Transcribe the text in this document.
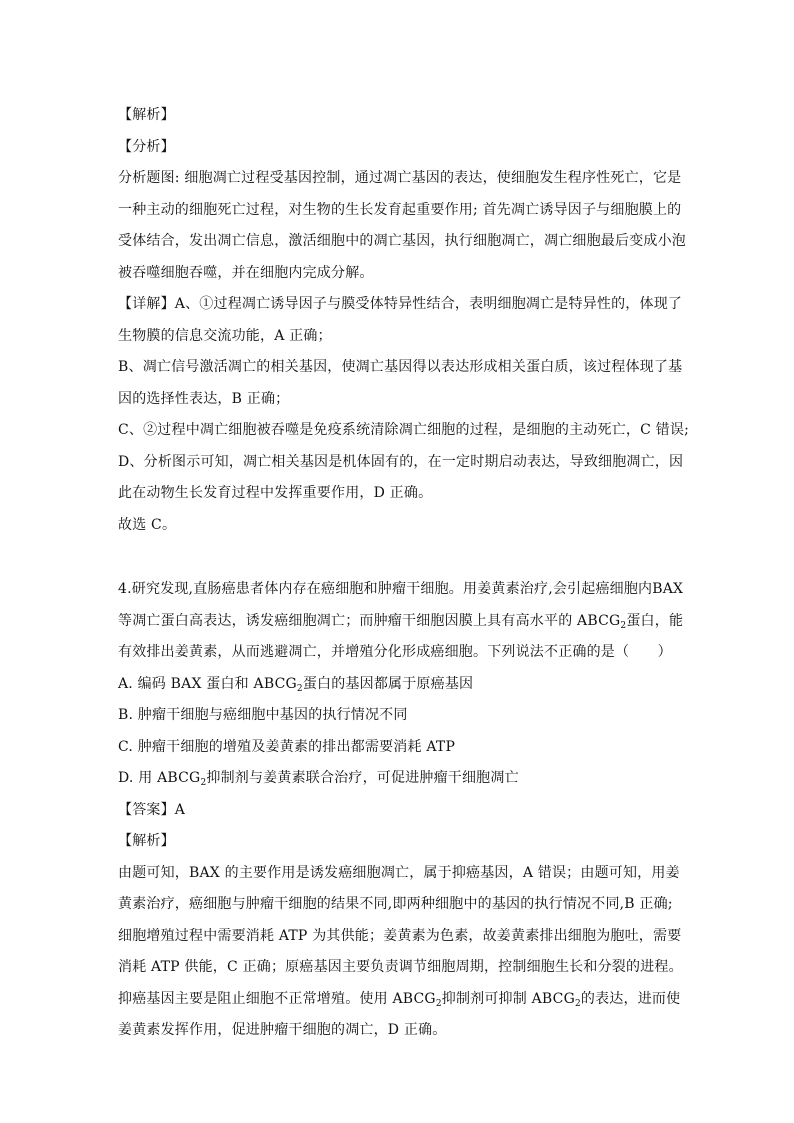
【解析】
【分析】
分析题图: 细胞凋亡过程受基因控制，通过凋亡基因的表达，使细胞发生程序性死亡，它是
一种主动的细胞死亡过程，对生物的生长发育起重要作用; 首先凋亡诱导因子与细胞膜上的
受体结合，发出凋亡信息，激活细胞中的凋亡基因，执行细胞凋亡，凋亡细胞最后变成小泡
被吞噬细胞吞噬，并在细胞内完成分解。
【详解】A、①过程凋亡诱导因子与膜受体特异性结合，表明细胞凋亡是特异性的，体现了
生物膜的信息交流功能，A 正确；
B、凋亡信号激活凋亡的相关基因，使凋亡基因得以表达形成相关蛋白质，该过程体现了基
因的选择性表达，B 正确；
C、②过程中凋亡细胞被吞噬是免疫系统清除凋亡细胞的过程，是细胞的主动死亡，C 错误;
D、分析图示可知，凋亡相关基因是机体固有的，在一定时期启动表达，导致细胞凋亡，因
此在动物生长发育过程中发挥重要作用，D 正确。
故选 C。
4.研究发现,直肠癌患者体内存在癌细胞和肿瘤干细胞。用姜黄素治疗,会引起癌细胞内BAX
等凋亡蛋白高表达，诱发癌细胞凋亡；而肿瘤干细胞因膜上具有高水平的 $ABCG_2$蛋白，能
有效排出姜黄素，从而逃避凋亡，并增殖分化形成癌细胞。下列说法不正确的是（　　）
A. 编码 BAX 蛋白和 $ABCG_2$蛋白的基因都属于原癌基因
B. 肿瘤干细胞与癌细胞中基因的执行情况不同
C. 肿瘤干细胞的增殖及姜黄素的排出都需要消耗 ATP
D. 用 $ABCG_2$抑制剂与姜黄素联合治疗，可促进肿瘤干细胞凋亡
【答案】A
【解析】
由题可知，BAX 的主要作用是诱发癌细胞凋亡，属于抑癌基因，A 错误；由题可知，用姜
黄素治疗，癌细胞与肿瘤干细胞的结果不同,即两种细胞中的基因的执行情况不同,B 正确;
细胞增殖过程中需要消耗 ATP 为其供能；姜黄素为色素，故姜黄素排出细胞为胞吐，需要
消耗 ATP 供能，C 正确；原癌基因主要负责调节细胞周期，控制细胞生长和分裂的进程。
抑癌基因主要是阻止细胞不正常增殖。使用 $ABCG_2$抑制剂可抑制 $ABCG_2$的表达，进而使
姜黄素发挥作用，促进肿瘤干细胞的凋亡，D 正确。
